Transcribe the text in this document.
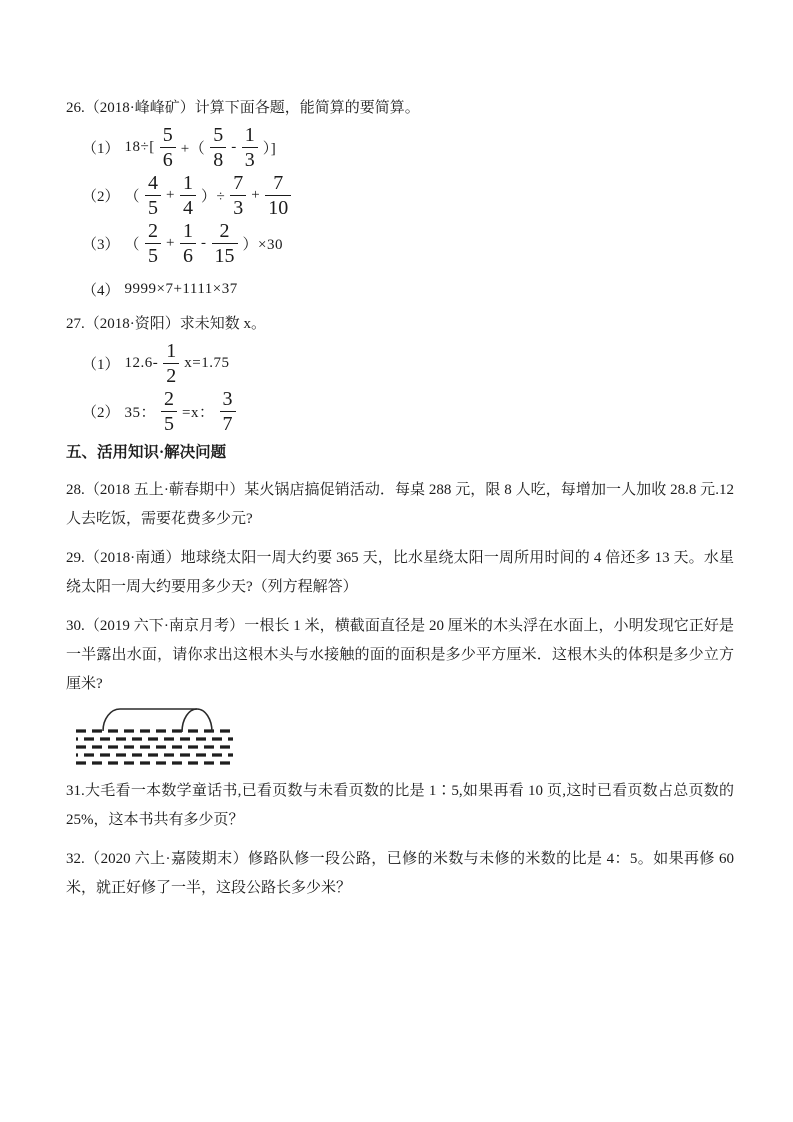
26.（2018·峰峰矿）计算下面各题，能简算的要简算。

（1） $18\div[ \frac{5}{6}$ +（ $\frac{5}{8} - \frac{1}{3}$ ）]
（2） （ $\frac{4}{5} + \frac{1}{4}$ ）÷ $\frac{7}{3} + \frac{7}{10}$
（3） （ $\frac{2}{5} + \frac{1}{6} - \frac{2}{15} )\times 30$
（4） 9999×7+1111×37

27.（2018·资阳）求未知数 x。

（1） $12.6- \frac{1}{2} x=1.75$
（2） 35： $\frac{2}{5} =x$： $\frac{3}{7}$
五、活用知识·解决问题

28.（2018 五上·蕲春期中）某火锅店搞促销活动．每桌 288 元，限 8 人吃，每增加一人加收 28.8 元.12 人去吃饭，需要花费多少元?

29.（2018·南通）地球绕太阳一周大约要 365 天，比水星绕太阳一周所用时间的 4 倍还多 13 天。水星绕太阳一周大约要用多少天?（列方程解答）

30.（2019 六下·南京月考）一根长 1 米，横截面直径是 20 厘米的木头浮在水面上，小明发现它正好是一半露出水面，请你求出这根木头与水接触的面的面积是多少平方厘米．这根木头的体积是多少立方厘米?

31.大毛看一本数学童话书,已看页数与未看页数的比是 1∶5,如果再看 10 页,这时已看页数占总页数的 25%，这本书共有多少页？

32.（2020 六上·嘉陵期末）修路队修一段公路，已修的米数与未修的米数的比是 4：5。如果再修 60 米，就正好修了一半，这段公路长多少米？
